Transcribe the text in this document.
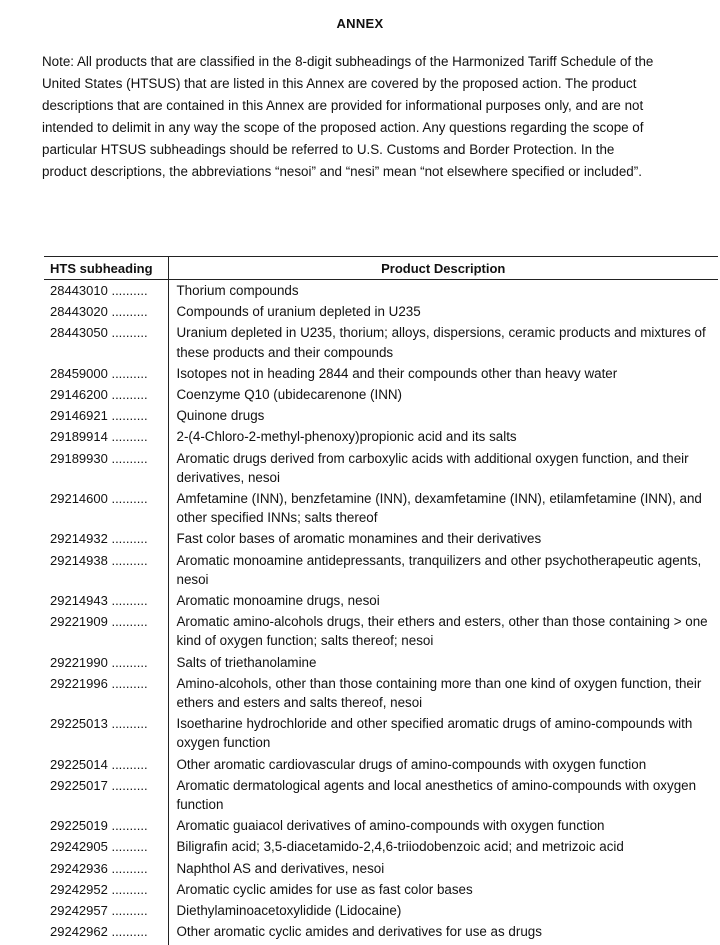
ANNEX

Note: All products that are classified in the 8-digit subheadings of the Harmonized Tariff Schedule of the United States (HTSUS) that are listed in this Annex are covered by the proposed action. The product descriptions that are contained in this Annex are provided for informational purposes only, and are not intended to delimit in any way the scope of the proposed action. Any questions regarding the scope of particular HTSUS subheadings should be referred to U.S. Customs and Border Protection. In the product descriptions, the abbreviations “nesoi” and “nesi” mean “not elsewhere specified or included”.

HTS subheading	Product Description
28443010 ..........	Thorium compounds
28443020 ..........	Compounds of uranium depleted in U235
28443050 ..........	Uranium depleted in U235, thorium; alloys, dispersions, ceramic products and mixtures of these products and their compounds
28459000 ..........	Isotopes not in heading 2844 and their compounds other than heavy water
29146200 ..........	Coenzyme Q10 (ubidecarenone (INN)
29146921 ..........	Quinone drugs
29189914 ..........	2-(4-Chloro-2-methyl-phenoxy)propionic acid and its salts
29189930 ..........	Aromatic drugs derived from carboxylic acids with additional oxygen function, and their derivatives, nesoi
29214600 ..........	Amfetamine (INN), benzfetamine (INN), dexamfetamine (INN), etilamfetamine (INN), and other specified INNs; salts thereof
29214932 ..........	Fast color bases of aromatic monamines and their derivatives
29214938 ..........	Aromatic monoamine antidepressants, tranquilizers and other psychotherapeutic agents, nesoi
29214943 ..........	Aromatic monoamine drugs, nesoi
29221909 ..........	Aromatic amino-alcohols drugs, their ethers and esters, other than those containing > one kind of oxygen function; salts thereof; nesoi
29221990 ..........	Salts of triethanolamine
29221996 ..........	Amino-alcohols, other than those containing more than one kind of oxygen function, their ethers and esters and salts thereof, nesoi
29225013 ..........	Isoetharine hydrochloride and other specified aromatic drugs of amino-compounds with oxygen function
29225014 ..........	Other aromatic cardiovascular drugs of amino-compounds with oxygen function
29225017 ..........	Aromatic dermatological agents and local anesthetics of amino-compounds with oxygen function
29225019 ..........	Aromatic guaiacol derivatives of amino-compounds with oxygen function
29242905 ..........	Biligrafin acid; 3,5-diacetamido-2,4,6-triiodobenzoic acid; and metrizoic acid
29242936 ..........	Naphthol AS and derivatives, nesoi
29242952 ..........	Aromatic cyclic amides for use as fast color bases
29242957 ..........	Diethylaminoacetoxylidide (Lidocaine)
29242962 ..........	Other aromatic cyclic amides and derivatives for use as drugs
